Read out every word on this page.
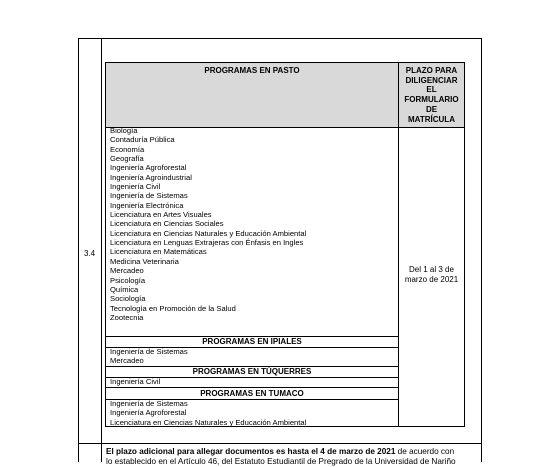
3.4
PROGRAMAS EN PASTO	PLAZO PARA
DILIGENCIAR
EL
FORMULARIO
DE
MATRÍCULA
Biología
Contaduría Pública
Economía
Geografía
Ingeniería Agroforestal
Ingeniería Agroindustrial
Ingeniería Civil
Ingeniería de Sistemas
Ingeniería Electrónica
Licenciatura en Artes Visuales
Licenciatura en Ciencias Sociales
Licenciatura en Ciencias Naturales y Educación Ambiental
Licenciatura en Lenguas Extrajeras con Énfasis en Ingles
Licenciatura en Matemáticas
Medicina Veterinaria
Mercadeo
Psicología
Química
Sociología
Tecnología en Promoción de la Salud
Zootecnia
PROGRAMAS EN IPIALES
Ingeniería de Sistemas
Mercadeo
PROGRAMAS EN TÚQUERRES
Ingeniería Civil
PROGRAMAS EN TUMACO
Ingeniería de Sistemas
Ingeniería Agroforestal
Licenciatura en Ciencias Naturales y Educación Ambiental
Del 1 al 3 de
marzo de 2021
El plazo adicional para allegar documentos es hasta el 4 de marzo de 2021 de acuerdo con
lo establecido en el Artículo 46, del Estatuto Estudiantil de Pregrado de la Universidad de Nariño
